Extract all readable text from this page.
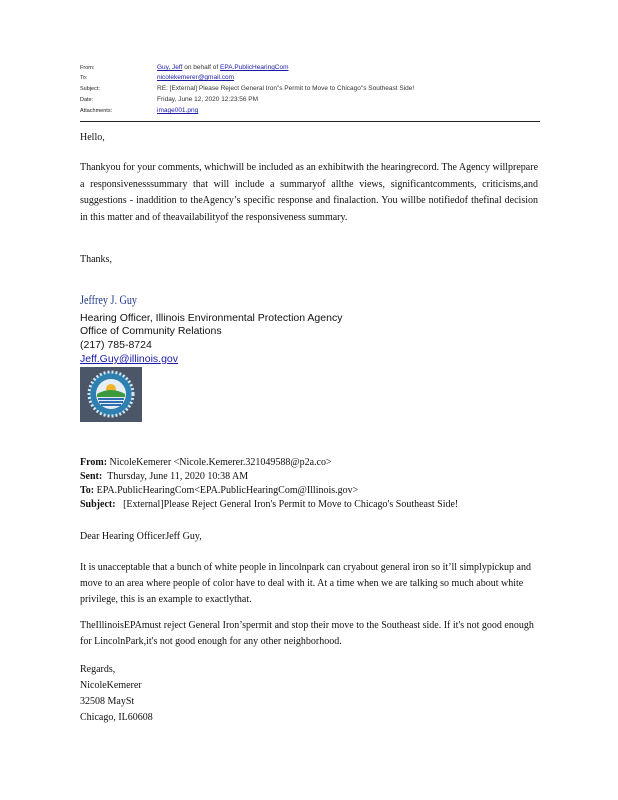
From:	Guy, Jeff on behalf of EPA.PublicHearingCom
To:	nicolekemerer@gmail.com
Subject:	RE: [External] Please Reject General Iron"s Permit to Move to Chicago"s Southeast Side!
Date:	Friday, June 12, 2020 12:23:56 PM
Attachments:	image001.png
Hello,
Thankyou for your comments, whichwill be included as an exhibitwith the hearingrecord. The Agency willprepare a responsivenesssummary that will include a summaryof allthe views, significantcomments, criticisms,and suggestions - inaddition to theAgency’s specific response and finalaction. You willbe notifiedof thefinal decision in this matter and of theavailabilityof the responsiveness summary.
Thanks,
Jeffrey J. Guy
Hearing Officer, Illinois Environmental Protection Agency
Office of Community Relations
(217) 785-8724
Jeff.Guy@illinois.gov
From: NicoleKemerer <Nicole.Kemerer.321049588@p2a.co>
Sent: Thursday, June 11, 2020 10:38 AM
To: EPA.PublicHearingCom<EPA.PublicHearingCom@Illinois.gov>
Subject: [External]Please Reject General Iron's Permit to Move to Chicago's Southeast Side!
Dear Hearing OfficerJeff Guy,
It is unacceptable that a bunch of white people in lincolnpark can cryabout general iron so it’ll simplypickup and move to an area where people of color have to deal with it. At a time when we are talking so much about white privilege, this is an example to exactlythat.
TheIllinoisEPAmust reject General Iron’spermit and stop their move to the Southeast side. If it's not good enough for LincolnPark,it's not good enough for any other neighborhood.
Regards,
NicoleKemerer
32508 MaySt
Chicago, IL60608
